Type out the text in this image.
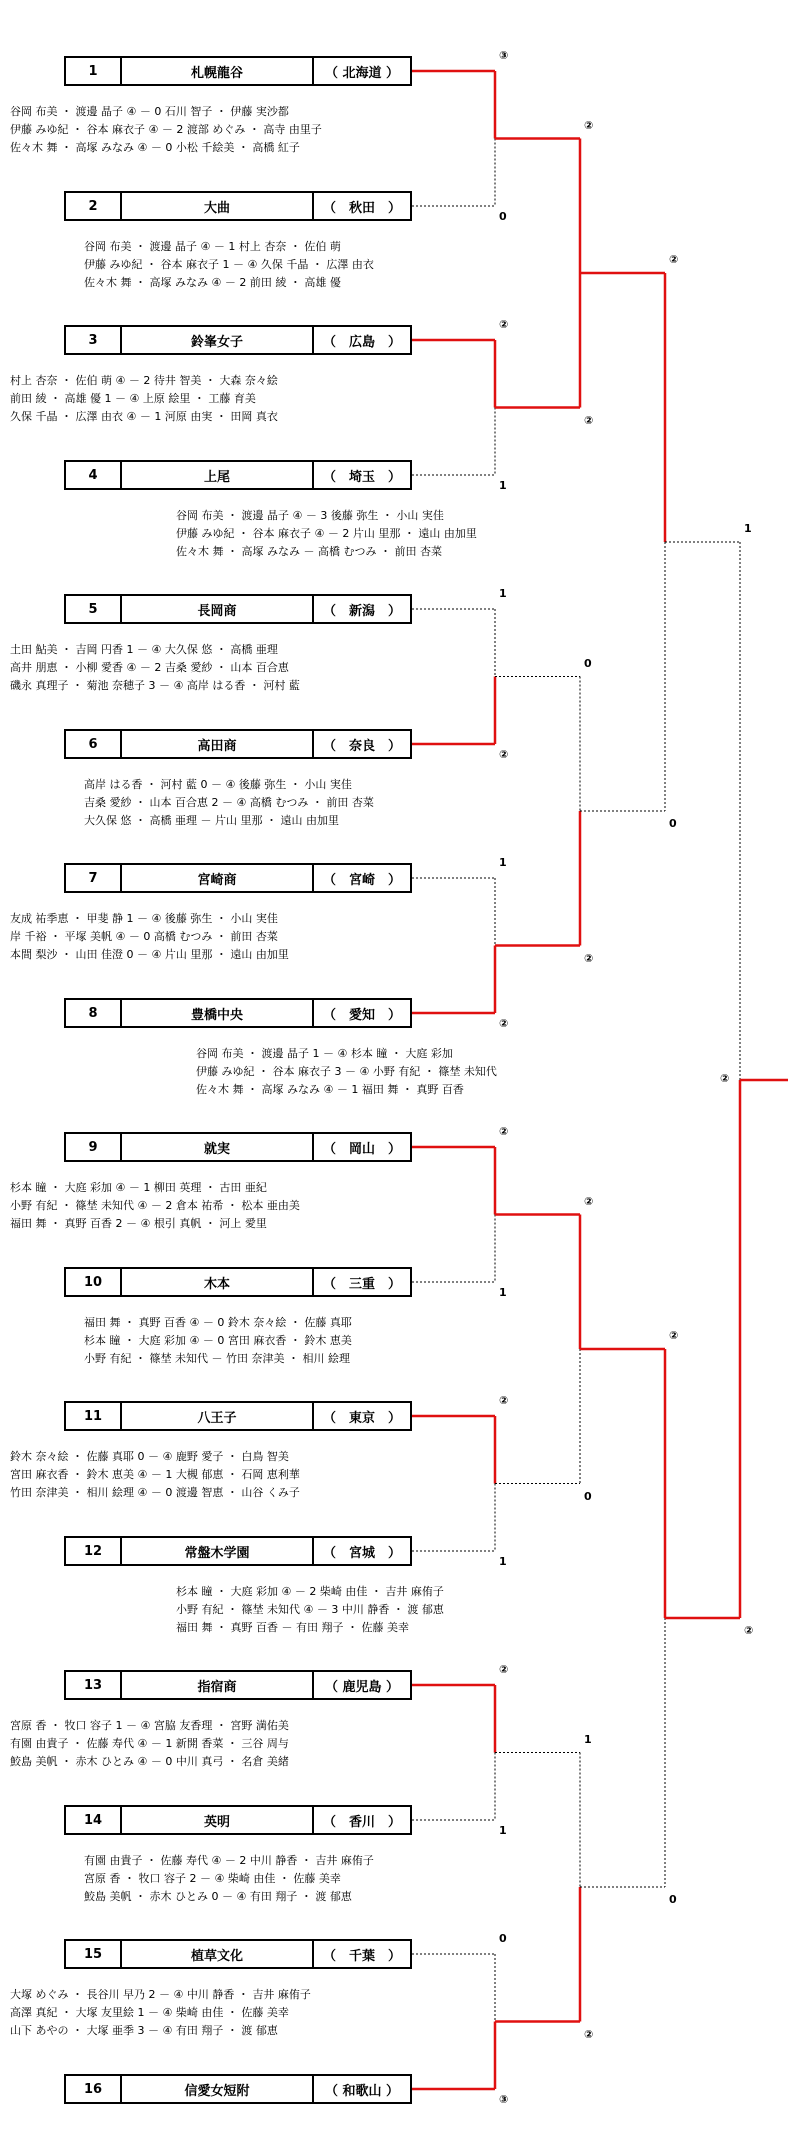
1	札幌龍谷	（ 北海道 ）
2	大曲	（　秋田　）
3	鈴峯女子	（　広島　）
4	上尾	（　埼玉　）
5	長岡商	（　新潟　）
6	高田商	（　奈良　）
7	宮崎商	（　宮崎　）
8	豊橋中央	（　愛知　）
9	就実	（　岡山　）
10	木本	（　三重　）
11	八王子	（　東京　）
12	常盤木学園	（　宮城　）
13	指宿商	（ 鹿児島 ）
14	英明	（　香川　）
15	植草文化	（　千葉　）
16	信愛女短附	（ 和歌山 ）
谷岡 布美 ・ 渡邊 晶子 ④ － 0 石川 智子 ・ 伊藤 実沙都
伊藤 みゆ紀 ・ 谷本 麻衣子 ④ － 2 渡部 めぐみ ・ 高寺 由里子
佐々木 舞 ・ 高塚 みなみ ④ － 0 小松 千絵美 ・ 高橋 紅子
村上 杏奈 ・ 佐伯 萌 ④ － 2 待井 智美 ・ 大森 奈々絵
前田 綾 ・ 高雄 優 1 － ④ 上原 絵里 ・ 工藤 育美
久保 千晶 ・ 広澤 由衣 ④ － 1 河原 由実 ・ 田岡 真衣
土田 鮎美 ・ 吉岡 円香 1 － ④ 大久保 悠 ・ 高橋 亜理
高井 朋恵 ・ 小柳 愛香 ④ － 2 吉桑 愛紗 ・ 山本 百合恵
磯永 真理子 ・ 菊池 奈穂子 3 － ④ 高岸 はる香 ・ 河村 藍
友成 祐季恵 ・ 甲斐 静 1 － ④ 後藤 弥生 ・ 小山 実佳
岸 千裕 ・ 平塚 美帆 ④ － 0 高橋 むつみ ・ 前田 杏菜
本間 梨沙 ・ 山田 佳澄 0 － ④ 片山 里那 ・ 遠山 由加里
杉本 瞳 ・ 大庭 彩加 ④ － 1 柳田 英理 ・ 古田 亜紀
小野 有紀 ・ 篠埜 未知代 ④ － 2 倉本 祐希 ・ 松本 亜由美
福田 舞 ・ 真野 百香 2 － ④ 根引 真帆 ・ 河上 愛里
鈴木 奈々絵 ・ 佐藤 真耶 0 － ④ 鹿野 愛子 ・ 白鳥 智美
宮田 麻衣香 ・ 鈴木 恵美 ④ － 1 大槻 郁恵 ・ 石岡 恵利華
竹田 奈津美 ・ 相川 絵理 ④ － 0 渡邊 智恵 ・ 山谷 くみ子
宮原 香 ・ 牧口 容子 1 － ④ 宮脇 友香理 ・ 宮野 満佑美
有園 由貴子 ・ 佐藤 寿代 ④ － 1 新開 香菜 ・ 三谷 周与
鮫島 美帆 ・ 赤木 ひとみ ④ － 0 中川 真弓 ・ 名倉 美緒
大塚 めぐみ ・ 長谷川 早乃 2 － ④ 中川 静香 ・ 吉井 麻侑子
高澤 真紀 ・ 大塚 友里絵 1 － ④ 柴崎 由佳 ・ 佐藤 美幸
山下 あやの ・ 大塚 亜季 3 － ④ 有田 翔子 ・ 渡 郁恵
谷岡 布美 ・ 渡邊 晶子 ④ － 1 村上 杏奈 ・ 佐伯 萌
伊藤 みゆ紀 ・ 谷本 麻衣子 1 － ④ 久保 千晶 ・ 広澤 由衣
佐々木 舞 ・ 高塚 みなみ ④ － 2 前田 綾 ・ 高雄 優
高岸 はる香 ・ 河村 藍 0 － ④ 後藤 弥生 ・ 小山 実佳
吉桑 愛紗 ・ 山本 百合恵 2 － ④ 高橋 むつみ ・ 前田 杏菜
大久保 悠 ・ 高橋 亜理 － 片山 里那 ・ 遠山 由加里
福田 舞 ・ 真野 百香 ④ － 0 鈴木 奈々絵 ・ 佐藤 真耶
杉本 瞳 ・ 大庭 彩加 ④ － 0 宮田 麻衣香 ・ 鈴木 恵美
小野 有紀 ・ 篠埜 未知代 － 竹田 奈津美 ・ 相川 絵理
有園 由貴子 ・ 佐藤 寿代 ④ － 2 中川 静香 ・ 吉井 麻侑子
宮原 香 ・ 牧口 容子 2 － ④ 柴崎 由佳 ・ 佐藤 美幸
鮫島 美帆 ・ 赤木 ひとみ 0 － ④ 有田 翔子 ・ 渡 郁恵
谷岡 布美 ・ 渡邊 晶子 ④ － 3 後藤 弥生 ・ 小山 実佳
伊藤 みゆ紀 ・ 谷本 麻衣子 ④ － 2 片山 里那 ・ 遠山 由加里
佐々木 舞 ・ 高塚 みなみ － 高橋 むつみ ・ 前田 杏菜
杉本 瞳 ・ 大庭 彩加 ④ － 2 柴崎 由佳 ・ 吉井 麻侑子
小野 有紀 ・ 篠埜 未知代 ④ － 3 中川 静香 ・ 渡 郁恵
福田 舞 ・ 真野 百香 － 有田 翔子 ・ 佐藤 美幸
谷岡 布美 ・ 渡邊 晶子 1 － ④ 杉本 瞳 ・ 大庭 彩加
伊藤 みゆ紀 ・ 谷本 麻衣子 3 － ④ 小野 有紀 ・ 篠埜 未知代
佐々木 舞 ・ 高塚 みなみ ④ － 1 福田 舞 ・ 真野 百香
③
0
②
1
1
②
1
②
②
1
②
1
②
1
0
③
②
②
0
②
②
0
1
②
②
0
②
0
1
②
②
